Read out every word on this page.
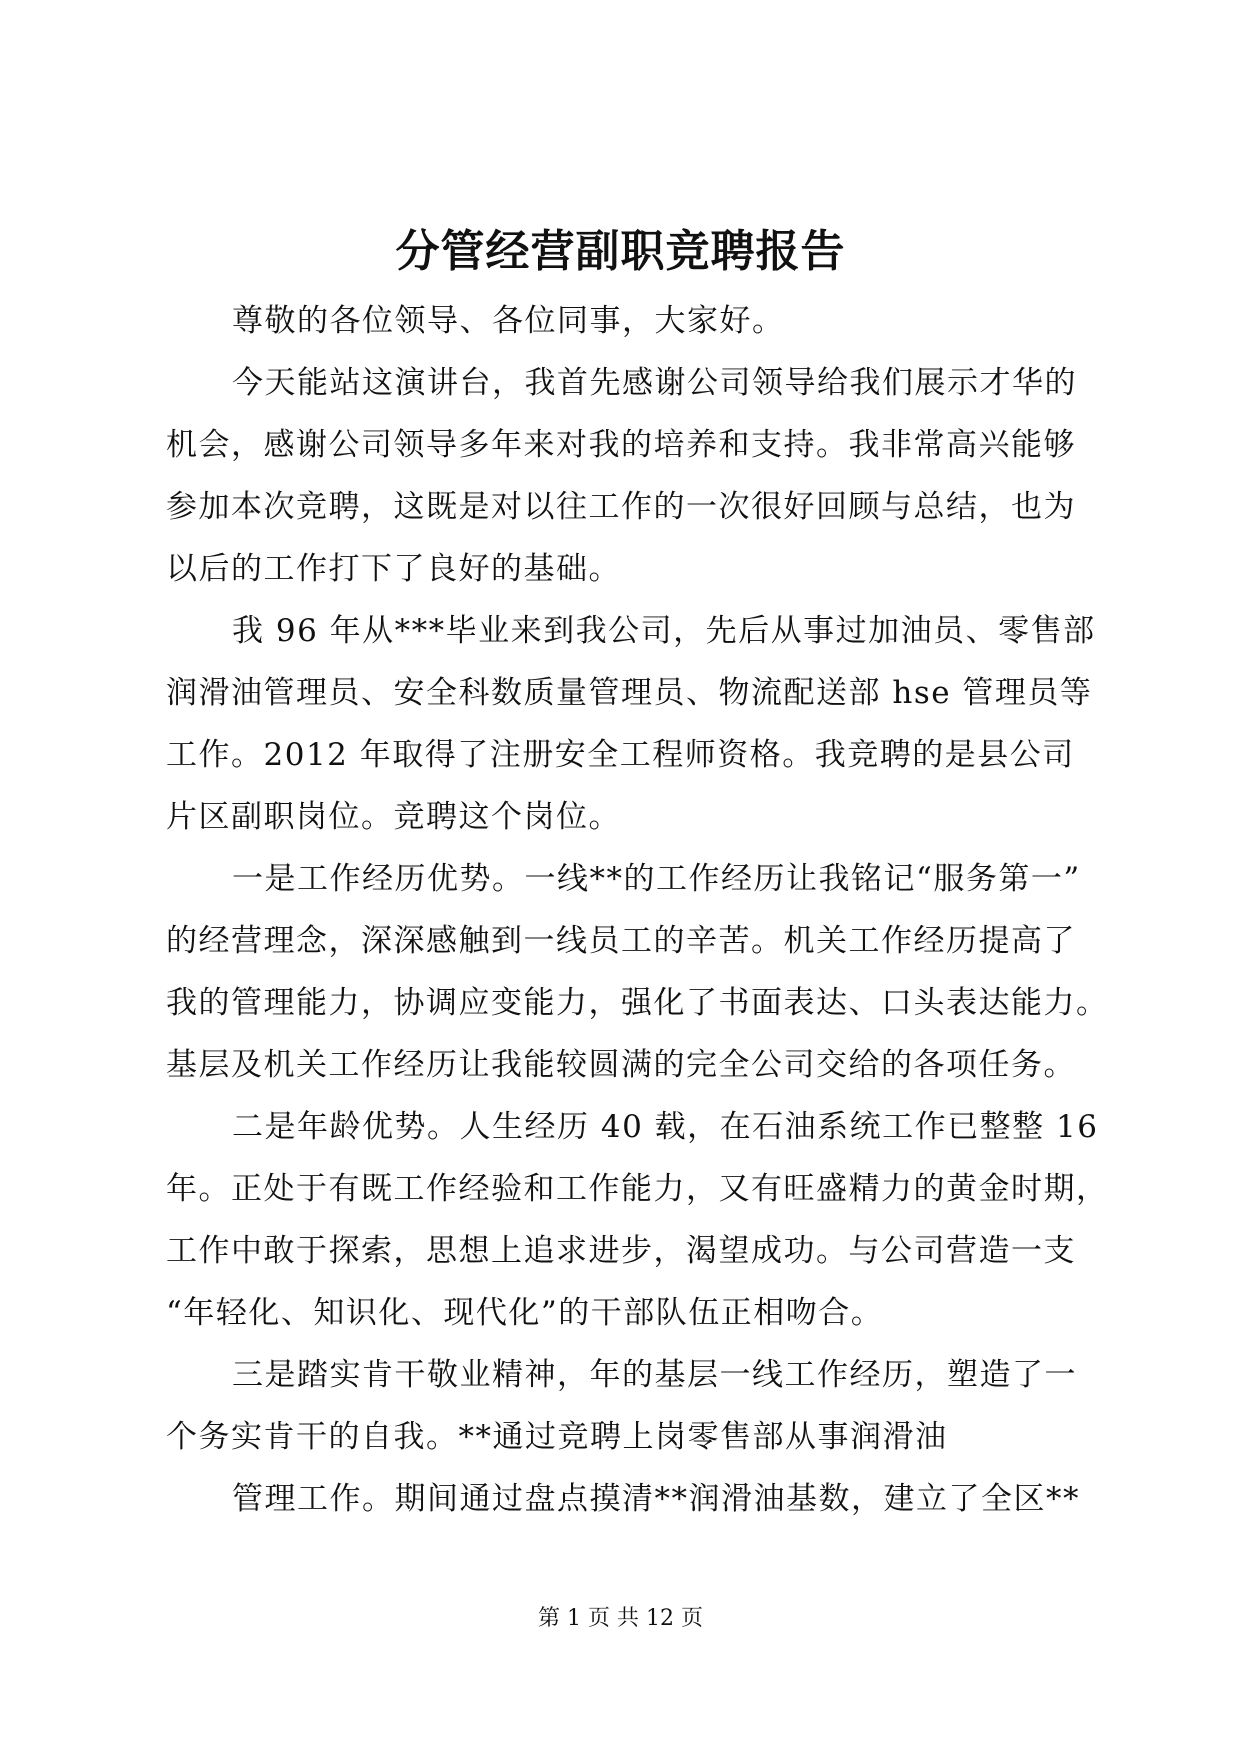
分管经营副职竞聘报告
尊敬的各位领导、各位同事，大家好。
今天能站这演讲台，我首先感谢公司领导给我们展示才华的
机会，感谢公司领导多年来对我的培养和支持。我非常高兴能够
参加本次竞聘，这既是对以往工作的一次很好回顾与总结，也为
以后的工作打下了良好的基础。
我 96 年从***毕业来到我公司，先后从事过加油员、零售部
润滑油管理员、安全科数质量管理员、物流配送部 hse 管理员等
工作。2012 年取得了注册安全工程师资格。我竞聘的是县公司
片区副职岗位。竞聘这个岗位。
一是工作经历优势。一线**的工作经历让我铭记“服务第一”
的经营理念，深深感触到一线员工的辛苦。机关工作经历提高了
我的管理能力，协调应变能力，强化了书面表达、口头表达能力。
基层及机关工作经历让我能较圆满的完全公司交给的各项任务。
二是年龄优势。人生经历 40 载，在石油系统工作已整整 16
年。正处于有既工作经验和工作能力，又有旺盛精力的黄金时期，
工作中敢于探索，思想上追求进步，渴望成功。与公司营造一支
“年轻化、知识化、现代化”的干部队伍正相吻合。
三是踏实肯干敬业精神，年的基层一线工作经历，塑造了一
个务实肯干的自我。**通过竞聘上岗零售部从事润滑油
管理工作。期间通过盘点摸清**润滑油基数，建立了全区**
第 1 页 共 12 页
